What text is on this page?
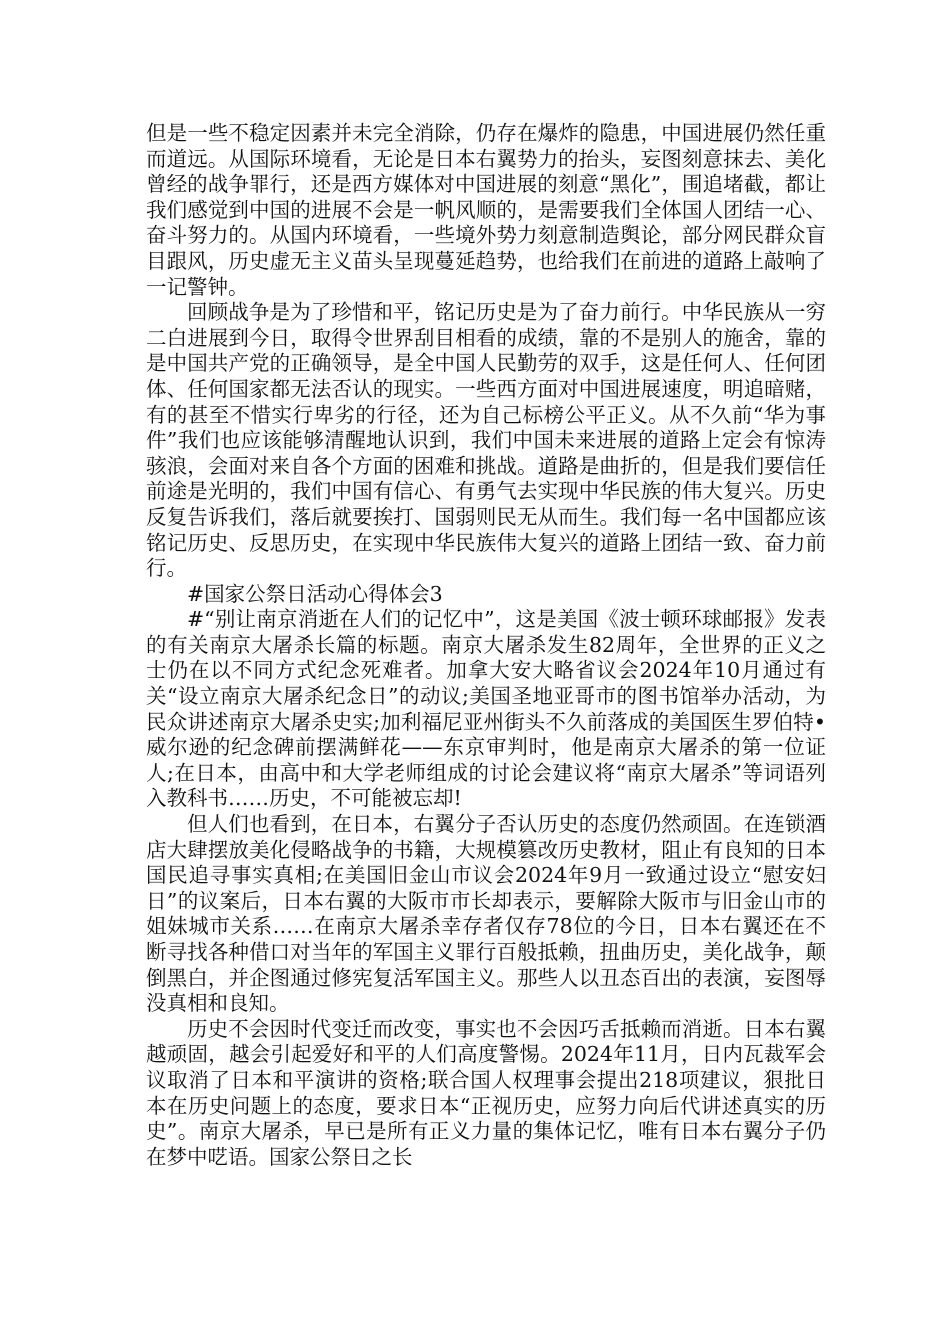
但是一些不稳定因素并未完全消除，仍存在爆炸的隐患，中国进展仍然任重而道远。从国际环境看，无论是日本右翼势力的抬头，妄图刻意抹去、美化曾经的战争罪行，还是西方媒体对中国进展的刻意“黑化”，围追堵截，都让我们感觉到中国的进展不会是一帆风顺的，是需要我们全体国人团结一心、奋斗努力的。从国内环境看，一些境外势力刻意制造舆论，部分网民群众盲目跟风，历史虚无主义苗头呈现蔓延趋势，也给我们在前进的道路上敲响了一记警钟。

回顾战争是为了珍惜和平，铭记历史是为了奋力前行。中华民族从一穷二白进展到今日，取得令世界刮目相看的成绩，靠的不是别人的施舍，靠的是中国共产党的正确领导，是全中国人民勤劳的双手，这是任何人、任何团体、任何国家都无法否认的现实。一些西方面对中国进展速度，明追暗赌，有的甚至不惜实行卑劣的行径，还为自己标榜公平正义。从不久前“华为事件”我们也应该能够清醒地认识到，我们中国未来进展的道路上定会有惊涛骇浪，会面对来自各个方面的困难和挑战。道路是曲折的，但是我们要信任前途是光明的，我们中国有信心、有勇气去实现中华民族的伟大复兴。历史反复告诉我们，落后就要挨打、国弱则民无从而生。我们每一名中国都应该铭记历史、反思历史，在实现中华民族伟大复兴的道路上团结一致、奋力前行。

#国家公祭日活动心得体会3

#“别让南京消逝在人们的记忆中”，这是美国《波士顿环球邮报》发表的有关南京大屠杀长篇的标题。南京大屠杀发生82周年，全世界的正义之士仍在以不同方式纪念死难者。加拿大安大略省议会2024年10月通过有关“设立南京大屠杀纪念日”的动议;美国圣地亚哥市的图书馆举办活动，为民众讲述南京大屠杀史实;加利福尼亚州街头不久前落成的美国医生罗伯特•威尔逊的纪念碑前摆满鲜花——东京审判时，他是南京大屠杀的第一位证人;在日本，由高中和大学老师组成的讨论会建议将“南京大屠杀”等词语列入教科书……历史，不可能被忘却!

但人们也看到，在日本，右翼分子否认历史的态度仍然顽固。在连锁酒店大肆摆放美化侵略战争的书籍，大规模篡改历史教材，阻止有良知的日本国民追寻事实真相;在美国旧金山市议会2024年9月一致通过设立“慰安妇日”的议案后，日本右翼的大阪市市长却表示，要解除大阪市与旧金山市的姐妹城市关系……在南京大屠杀幸存者仅存78位的今日，日本右翼还在不断寻找各种借口对当年的军国主义罪行百般抵赖，扭曲历史，美化战争，颠倒黑白，并企图通过修宪复活军国主义。那些人以丑态百出的表演，妄图辱没真相和良知。

历史不会因时代变迁而改变，事实也不会因巧舌抵赖而消逝。日本右翼越顽固，越会引起爱好和平的人们高度警惕。2024年11月，日内瓦裁军会议取消了日本和平演讲的资格;联合国人权理事会提出218项建议，狠批日本在历史问题上的态度，要求日本“正视历史，应努力向后代讲述真实的历史”。南京大屠杀，早已是所有正义力量的集体记忆，唯有日本右翼分子仍在梦中呓语。国家公祭日之长
